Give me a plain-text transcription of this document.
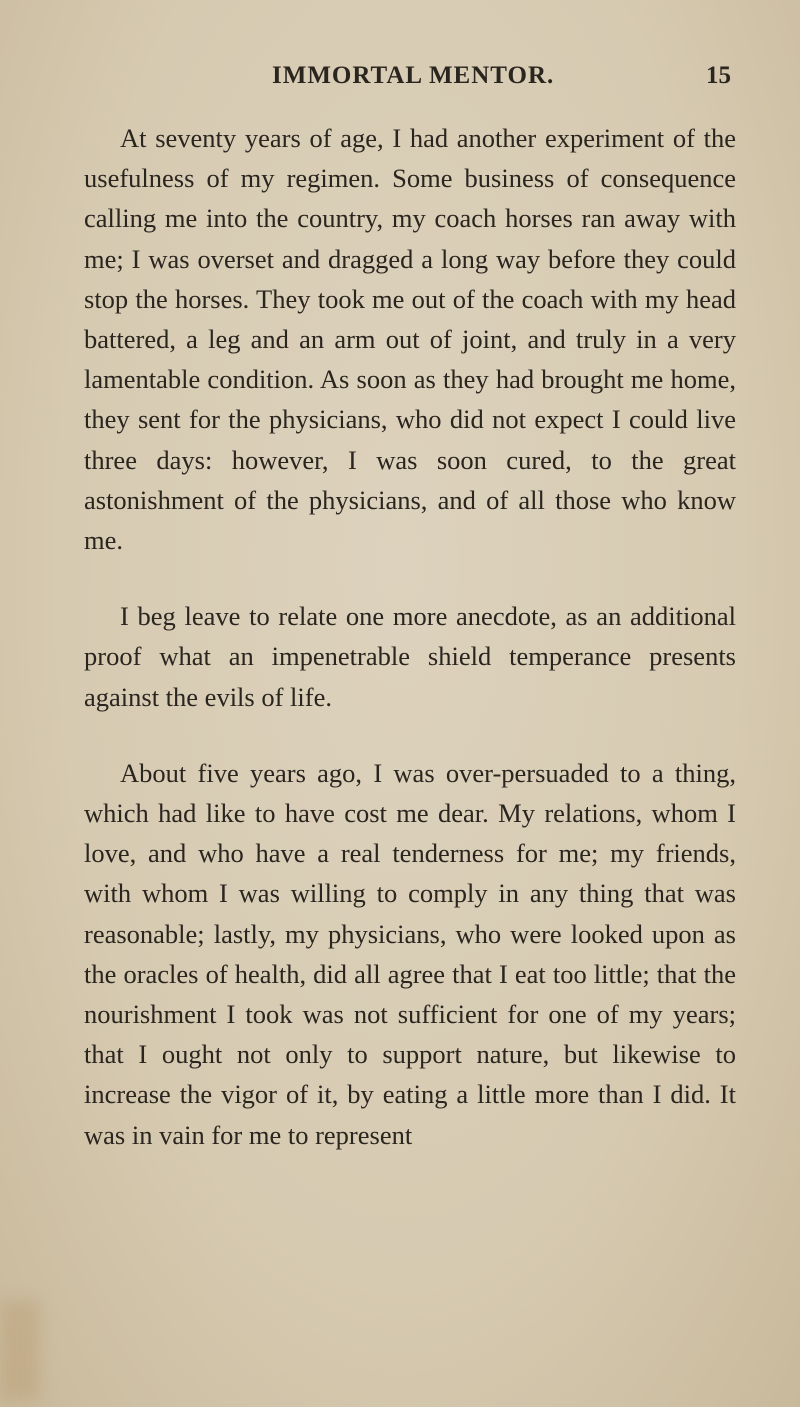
IMMORTAL MENTOR.	15

At seventy years of age, I had another experiment of the usefulness of my regimen. Some business of consequence calling me into the country, my coach horses ran away with me; I was overset and dragged a long way before they could stop the horses. They took me out of the coach with my head battered, a leg and an arm out of joint, and truly in a very lamentable condition. As soon as they had brought me home, they sent for the physicians, who did not expect I could live three days: however, I was soon cured, to the great astonishment of the physicians, and of all those who know me.

I beg leave to relate one more anecdote, as an additional proof what an impenetrable shield temperance presents against the evils of life.

About five years ago, I was over-persuaded to a thing, which had like to have cost me dear. My relations, whom I love, and who have a real tenderness for me; my friends, with whom I was willing to comply in any thing that was reasonable; lastly, my physicians, who were looked upon as the oracles of health, did all agree that I eat too little; that the nourishment I took was not sufficient for one of my years; that I ought not only to support nature, but likewise to increase the vigor of it, by eating a little more than I did. It was in vain for me to represent
